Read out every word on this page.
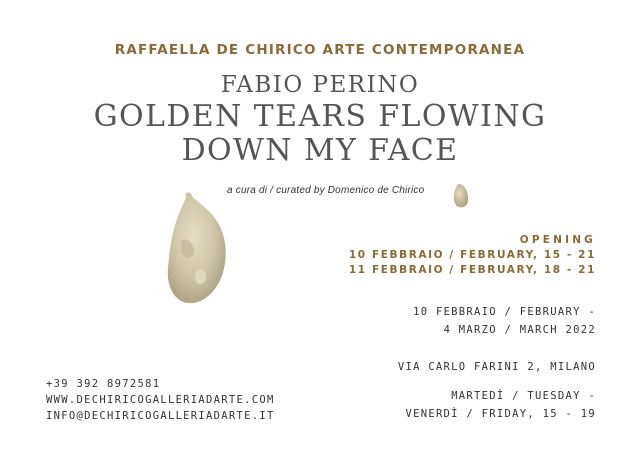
RAFFAELLA DE CHIRICO ARTE CONTEMPORANEA
FABIO PERINO
GOLDEN TEARS FLOWING
DOWN MY FACE
a cura di / curated by Domenico de Chirico
OPENING
10 FEBBRAIO / FEBRUARY, 15 - 21
11 FEBBRAIO / FEBRUARY, 18 - 21
10 FEBBRAIO / FEBRUARY -
4 MARZO / MARCH 2022
VIA CARLO FARINI 2, MILANO
MARTEDÌ / TUESDAY -
VENERDÌ / FRIDAY, 15 - 19
+39 392 8972581
WWW.DECHIRICOGALLERIADARTE.COM
INFO@DECHIRICOGALLERIADARTE.IT
